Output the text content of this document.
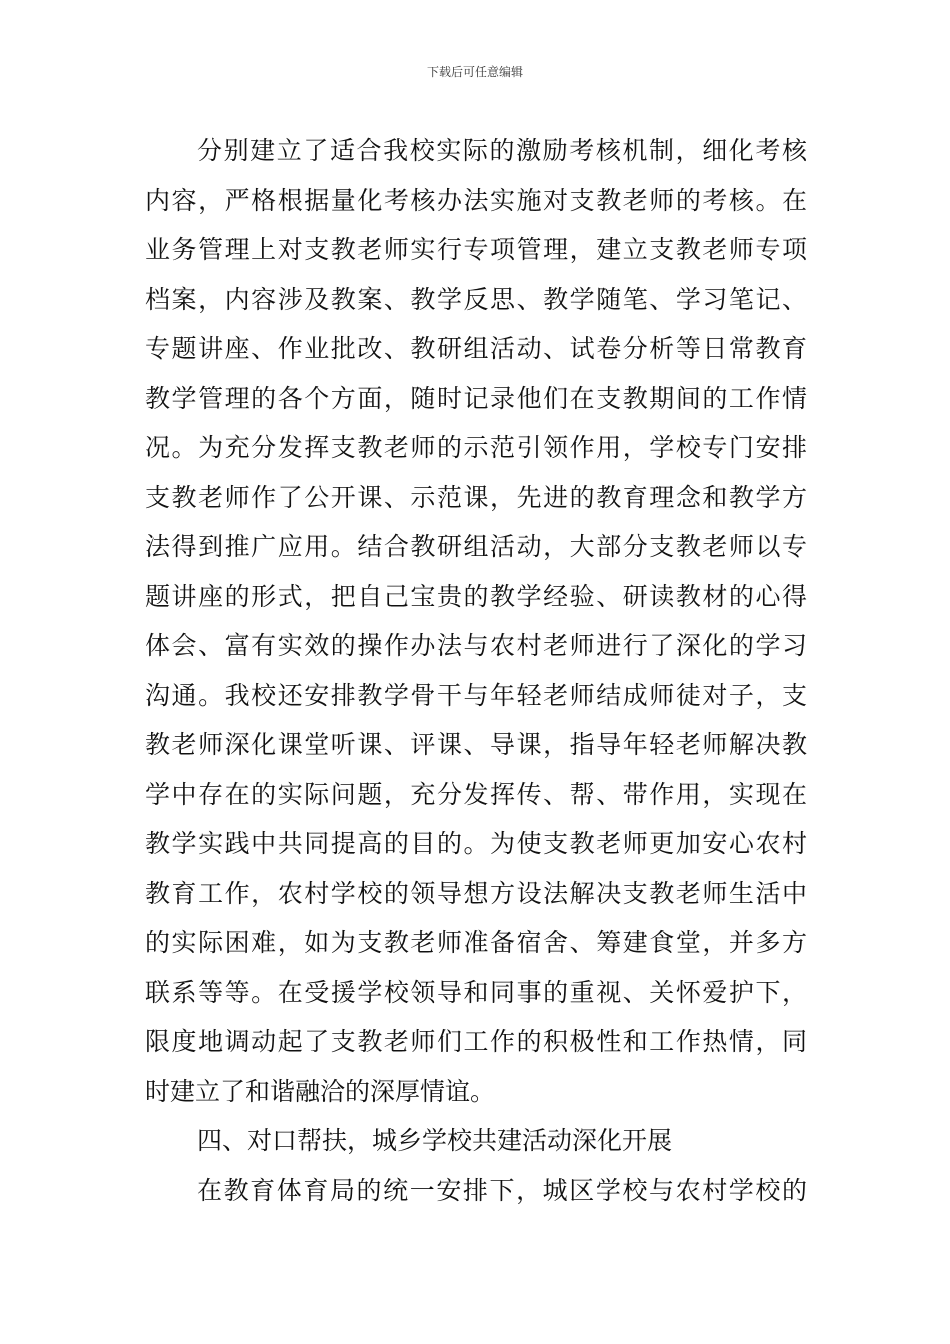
下载后可任意编辑
分别建立了适合我校实际的激励考核机制，细化考核
内容，严格根据量化考核办法实施对支教老师的考核。在
业务管理上对支教老师实行专项管理，建立支教老师专项
档案，内容涉及教案、教学反思、教学随笔、学习笔记、
专题讲座、作业批改、教研组活动、试卷分析等日常教育
教学管理的各个方面，随时记录他们在支教期间的工作情
况。为充分发挥支教老师的示范引领作用，学校专门安排
支教老师作了公开课、示范课，先进的教育理念和教学方
法得到推广应用。结合教研组活动，大部分支教老师以专
题讲座的形式，把自己宝贵的教学经验、研读教材的心得
体会、富有实效的操作办法与农村老师进行了深化的学习
沟通。我校还安排教学骨干与年轻老师结成师徒对子，支
教老师深化课堂听课、评课、导课，指导年轻老师解决教
学中存在的实际问题，充分发挥传、帮、带作用，实现在
教学实践中共同提高的目的。为使支教老师更加安心农村
教育工作，农村学校的领导想方设法解决支教老师生活中
的实际困难，如为支教老师准备宿舍、筹建食堂，并多方
联系等等。在受援学校领导和同事的重视、关怀爱护下，
限度地调动起了支教老师们工作的积极性和工作热情，同
时建立了和谐融洽的深厚情谊。
四、对口帮扶，城乡学校共建活动深化开展
在教育体育局的统一安排下，城区学校与农村学校的
